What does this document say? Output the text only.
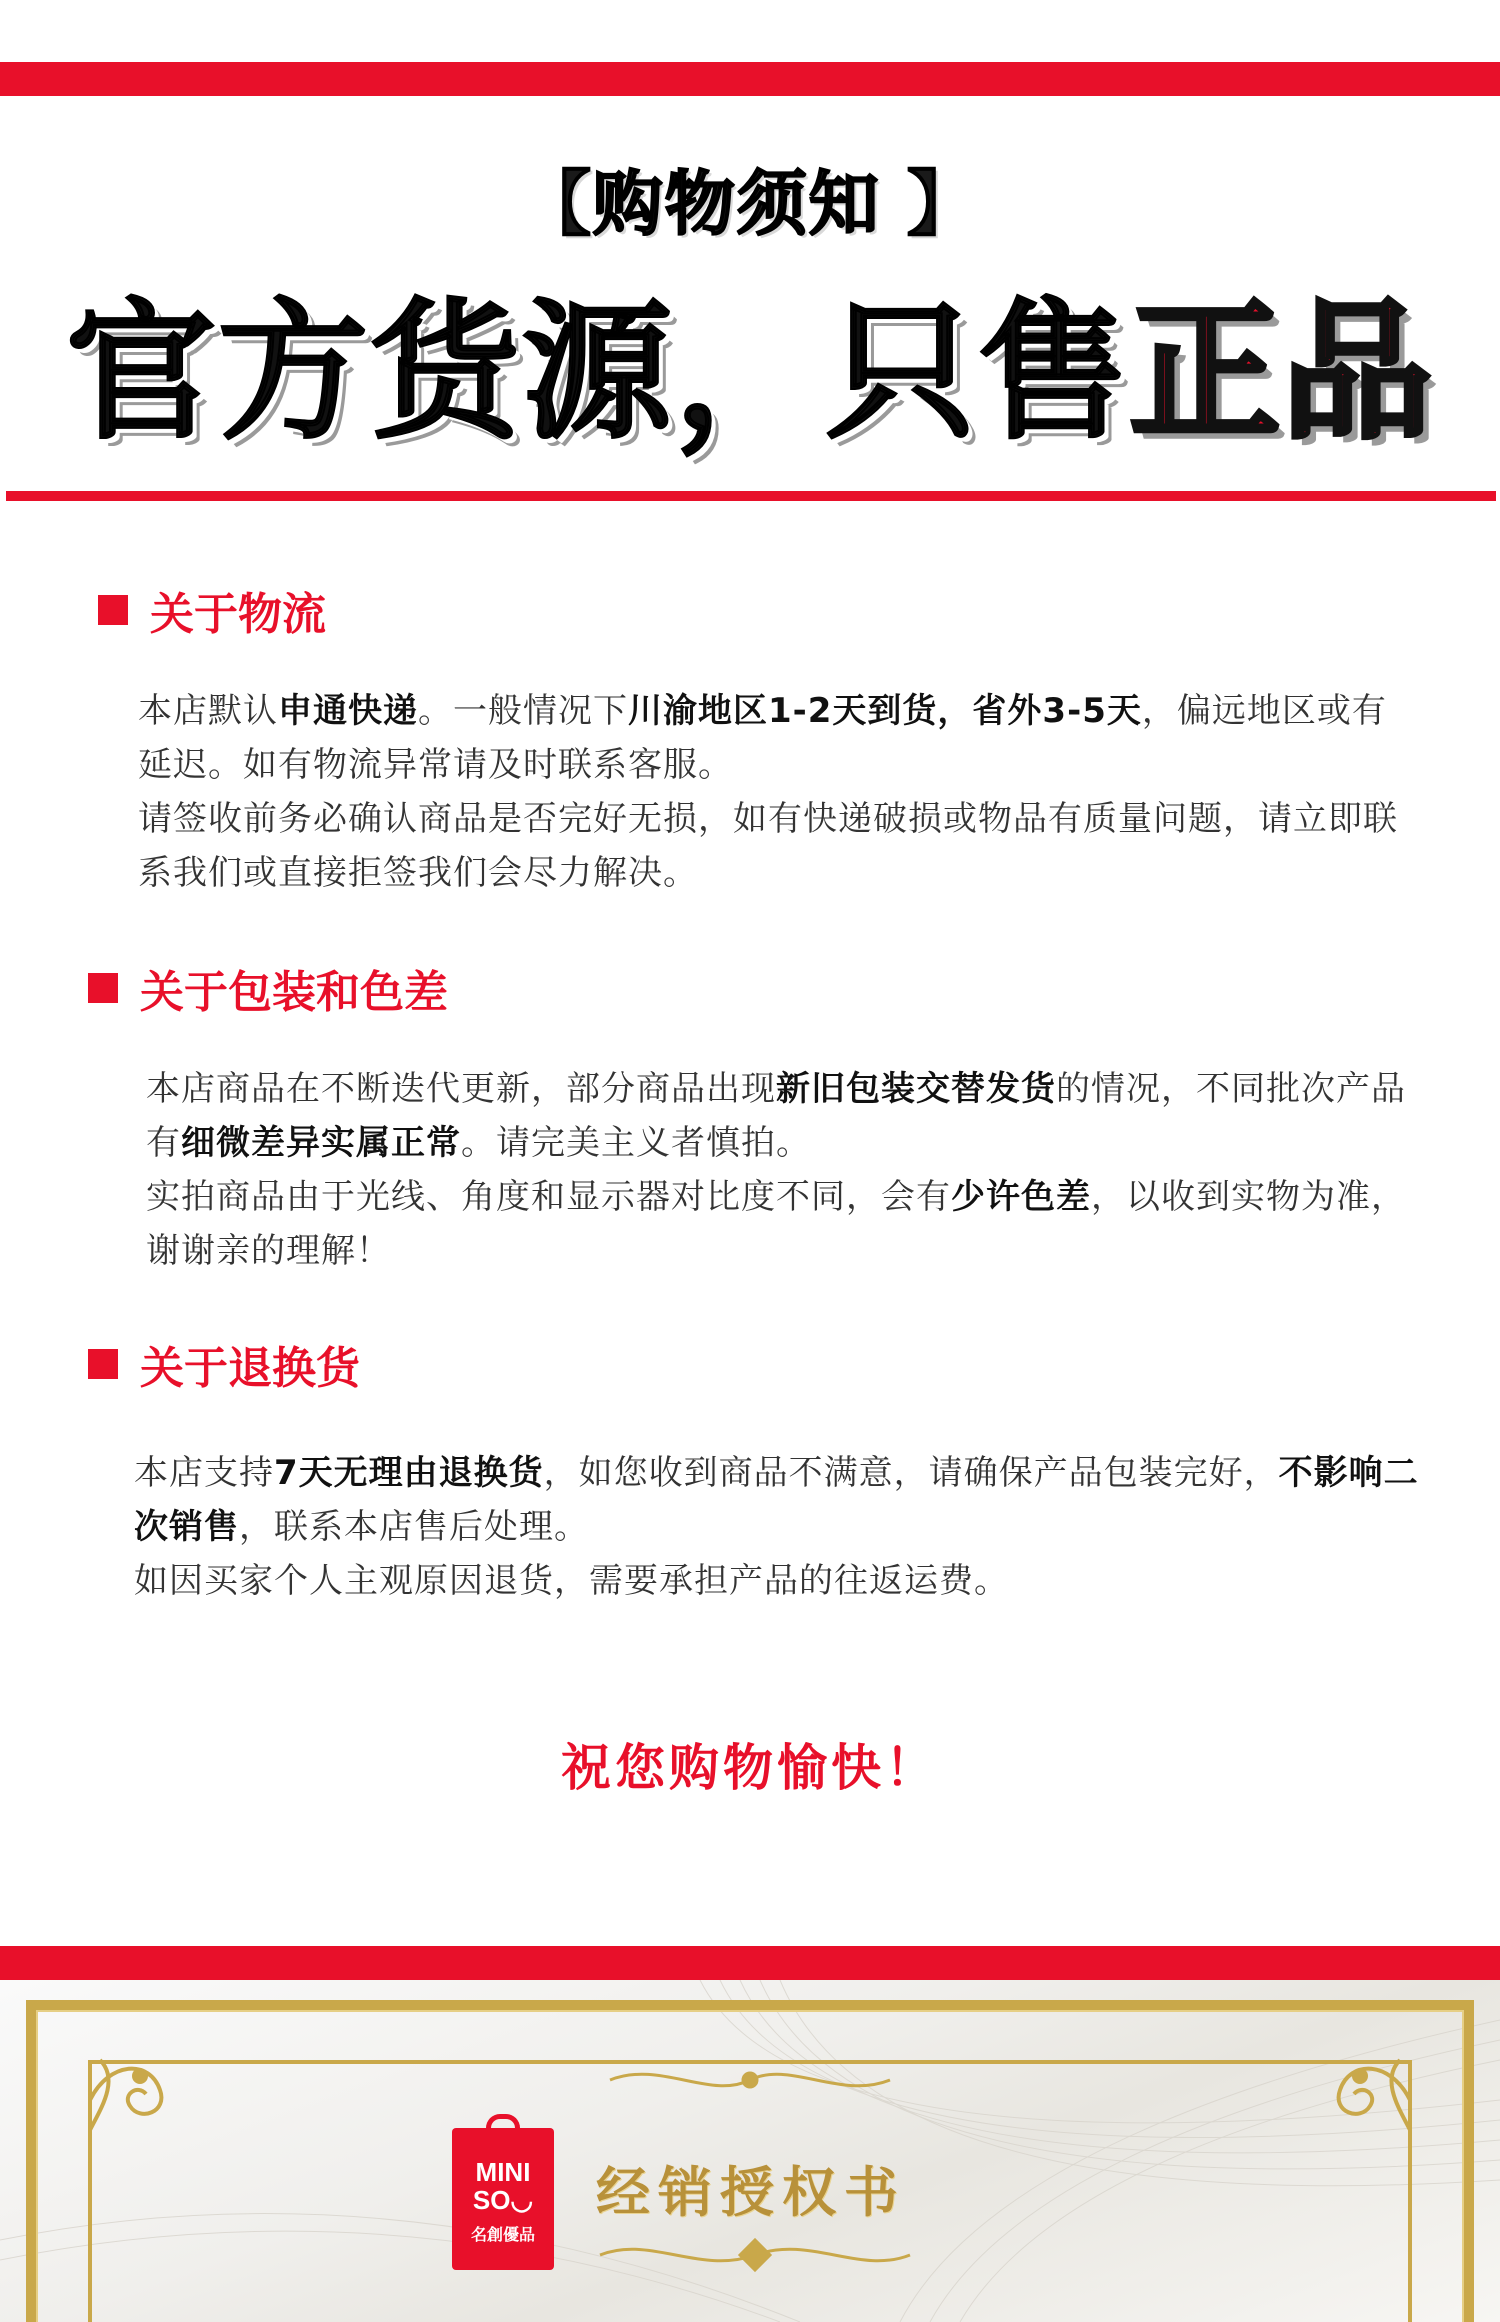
【购物须知 】
官方货源，只售正品
关于物流
本店默认申通快递。一般情况下川渝地区1-2天到货，省外3-5天，偏远地区或有延迟。如有物流异常请及时联系客服。
请签收前务必确认商品是否完好无损，如有快递破损或物品有质量问题，请立即联系我们或直接拒签我们会尽力解决。
关于包装和色差
本店商品在不断迭代更新，部分商品出现新旧包装交替发货的情况，不同批次产品有细微差异实属正常。请完美主义者慎拍。
实拍商品由于光线、角度和显示器对比度不同，会有少许色差，以收到实物为准，谢谢亲的理解！
关于退换货
本店支持7天无理由退换货，如您收到商品不满意，请确保产品包装完好，不影响二次销售，联系本店售后处理。
如因买家个人主观原因退货，需要承担产品的往返运费。
祝您购物愉快！
MINI
SO◡
名創優品
经销授权书
